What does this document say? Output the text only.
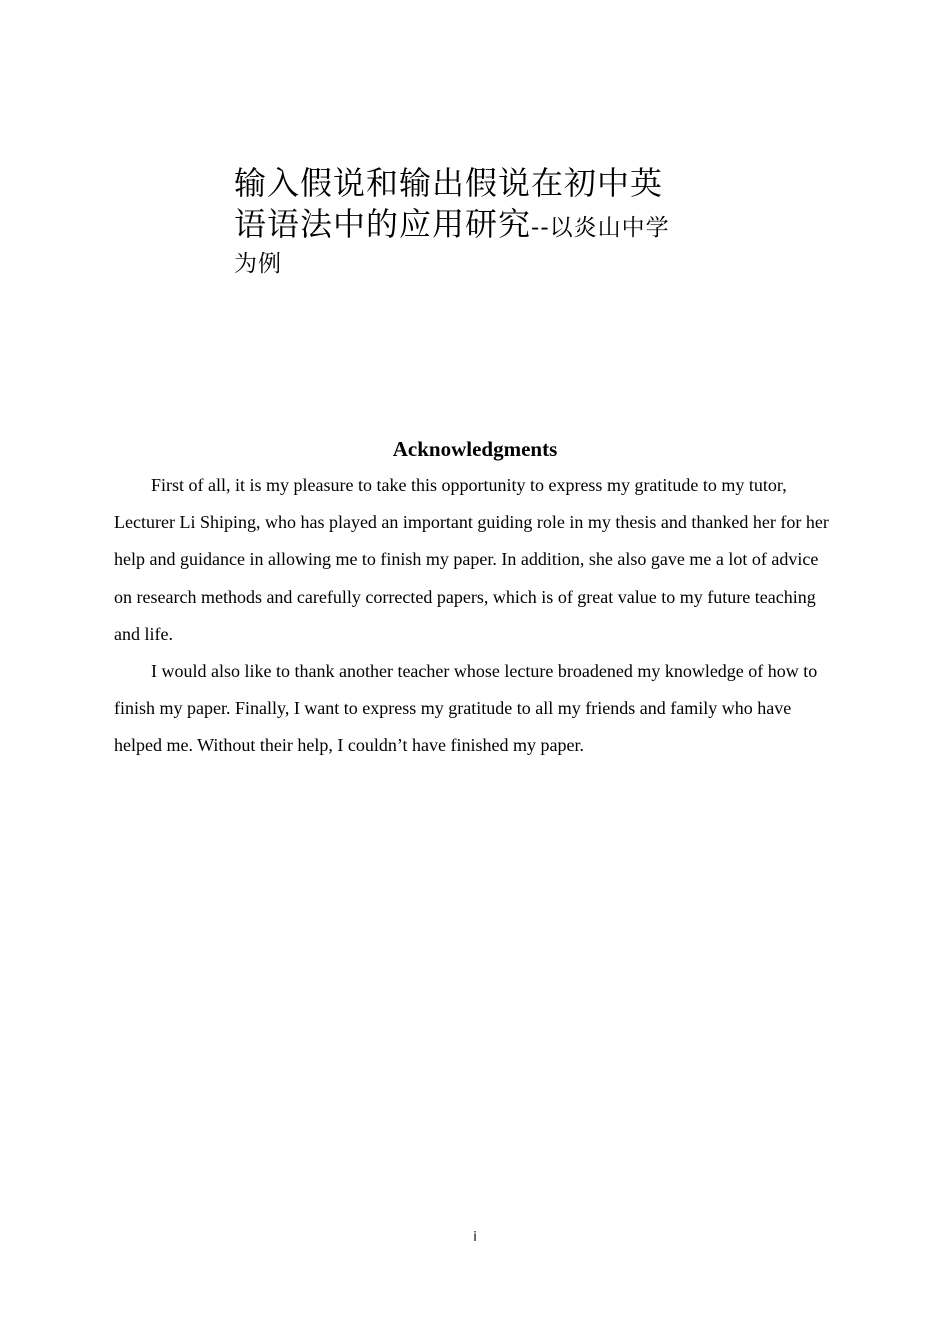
输入假说和输出假说在初中英
语语法中的应用研究--以炎山中学
为例
Acknowledgments

First of all, it is my pleasure to take this opportunity to express my gratitude to my tutor, Lecturer Li Shiping, who has played an important guiding role in my thesis and thanked her for her help and guidance in allowing me to finish my paper. In addition, she also gave me a lot of advice on research methods and carefully corrected papers, which is of great value to my future teaching and life.

I would also like to thank another teacher whose lecture broadened my knowledge of how to finish my paper. Finally, I want to express my gratitude to all my friends and family who have helped me. Without their help, I couldn’t have finished my paper.

i
